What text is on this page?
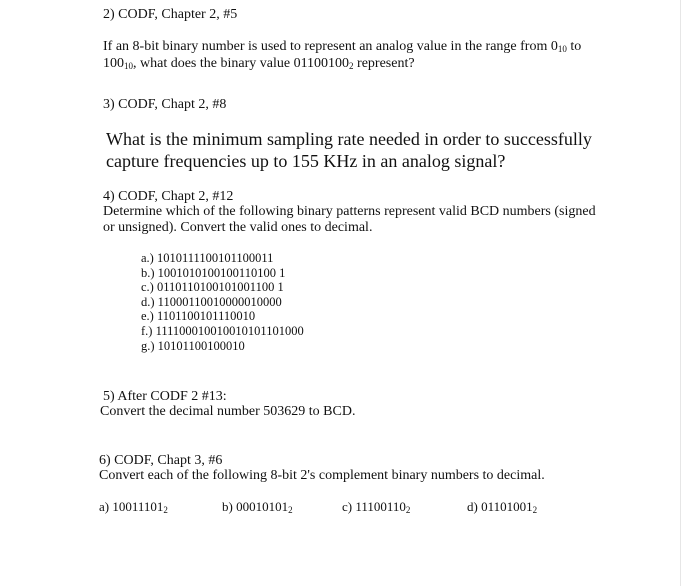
2) CODF, Chapter 2, #5
If an 8-bit binary number is used to represent an analog value in the range from $0_{10}$ to
$100_{10}$, what does the binary value $01100100_2$ represent?
3) CODF, Chapt 2, #8
What is the minimum sampling rate needed in order to successfully
capture frequencies up to 155 KHz in an analog signal?
4) CODF, Chapt 2, #12
Determine which of the following binary patterns represent valid BCD numbers (signed
or unsigned). Convert the valid ones to decimal.
a.) 1010111100101100011
b.) 1001010100100110100 1
c.) 0110110100101001100 1
d.) 11000110010000010000
e.) 1101100101110010
f.) 111100010010010101101000
g.) 10101100100010
5) After CODF 2 #13:
Convert the decimal number 503629 to BCD.
6) CODF, Chapt 3, #6
Convert each of the following 8-bit 2's complement binary numbers to decimal.
a) $10011101_2$	b) $00010101_2$	c) $11100110_2$	d) $01101001_2$
